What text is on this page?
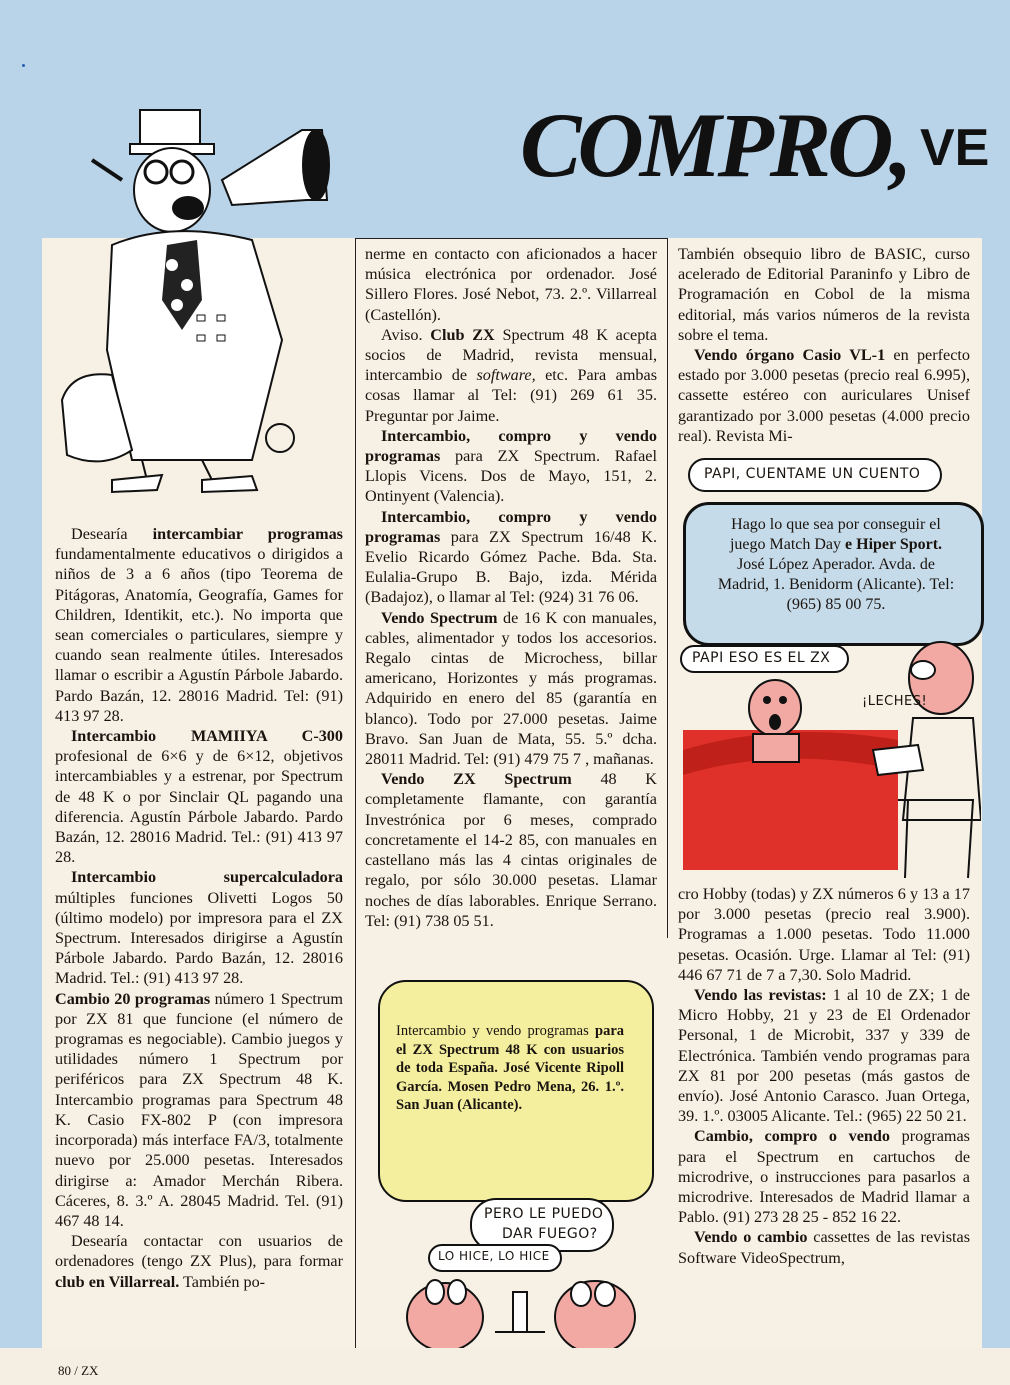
COMPRO, VE

Desearía intercambiar programas fundamentalmente educativos o dirigidos a niños de 3 a 6 años (tipo Teorema de Pitágoras, Anatomía, Geografía, Games for Children, Identikit, etc.). No importa que sean comerciales o particulares, siempre y cuando sean realmente útiles. Interesados llamar o escribir a Agustín Párbole Jabardo. Pardo Bazán, 12. 28016 Madrid. Tel: (91) 413 97 28.

Intercambio MAMIIYA C-300 profesional de 6×6 y de 6×12, objetivos intercambiables y a estrenar, por Spectrum de 48 K o por Sinclair QL pagando una diferencia. Agustín Párbole Jabardo. Pardo Bazán, 12. 28016 Madrid. Tel.: (91) 413 97 28.

Intercambio supercalculadora múltiples funciones Olivetti Logos 50 (último modelo) por impresora para el ZX Spectrum. Interesados dirigirse a Agustín Párbole Jabardo. Pardo Bazán, 12. 28016 Madrid. Tel.: (91) 413 97 28.

Cambio 20 programas número 1 Spectrum por ZX 81 que funcione (el número de programas es negociable). Cambio juegos y utilidades número 1 Spectrum por periféricos para ZX Spectrum 48 K. Intercambio programas para Spectrum 48 K. Casio FX-802 P (con impresora incorporada) más interface FA/3, totalmente nuevo por 25.000 pesetas. Interesados dirigirse a: Amador Merchán Ribera. Cáceres, 8. 3.º A. 28045 Madrid. Tel. (91) 467 48 14.

Desearía contactar con usuarios de ordenadores (tengo ZX Plus), para formar club en Villarreal. También po-

nerme en contacto con aficionados a hacer música electrónica por ordenador. José Sillero Flores. José Nebot, 73. 2.º. Villarreal (Castellón).

Aviso. Club ZX Spectrum 48 K acepta socios de Madrid, revista mensual, intercambio de software, etc. Para ambas cosas llamar al Tel: (91) 269 61 35. Preguntar por Jaime.

Intercambio, compro y vendo programas para ZX Spectrum. Rafael Llopis Vicens. Dos de Mayo, 151, 2. Ontinyent (Valencia).

Intercambio, compro y vendo programas para ZX Spectrum 16/48 K. Evelio Ricardo Gómez Pache. Bda. Sta. Eulalia-Grupo B. Bajo, izda. Mérida (Badajoz), o llamar al Tel: (924) 31 76 06.

Vendo Spectrum de 16 K con manuales, cables, alimentador y todos los accesorios. Regalo cintas de Microchess, billar americano, Horizontes y más programas. Adquirido en enero del 85 (garantía en blanco). Todo por 27.000 pesetas. Jaime Bravo. San Juan de Mata, 55. 5.º dcha. 28011 Madrid. Tel: (91) 479 75 7 , mañanas.

Vendo ZX Spectrum 48 K completamente flamante, con garantía Investrónica por 6 meses, comprado concretamente el 14-2 85, con manuales en castellano más las 4 cintas originales de regalo, por sólo 30.000 pesetas. Llamar noches de días laborables. Enrique Serrano. Tel: (91) 738 05 51.

También obsequio libro de BASIC, curso acelerado de Editorial Paraninfo y Libro de Programación en Cobol de la misma editorial, más varios números de la revista sobre el tema.

Vendo órgano Casio VL-1 en perfecto estado por 3.000 pesetas (precio real 6.995), cassette estéreo con auriculares Unisef garantizado por 3.000 pesetas (4.000 precio real). Revista Mi-

PAPI, CUENTAME UN CUENTO
Hago lo que sea por conseguir el juego Match Day e Hiper Sport. José López Aperador. Avda. de Madrid, 1. Benidorm (Alicante). Tel: (965) 85 00 75.
PAPI ESO ES EL ZX
¡LECHES!

cro Hobby (todas) y ZX números 6 y 13 a 17 por 3.000 pesetas (precio real 3.900). Programas a 1.000 pesetas. Todo 11.000 pesetas. Ocasión. Urge. Llamar al Tel: (91) 446 67 71 de 7 a 7,30. Solo Madrid.

Vendo las revistas: 1 al 10 de ZX; 1 de Micro Hobby, 21 y 23 de El Ordenador Personal, 1 de Microbit, 337 y 339 de Electrónica. También vendo programas para ZX 81 por 200 pesetas (más gastos de envío). José Antonio Carasco. Juan Ortega, 39. 1.º. 03005 Alicante. Tel.: (965) 22 50 21.

Cambio, compro o vendo programas para el Spectrum en cartuchos de microdrive, o instrucciones para pasarlos a microdrive. Interesados de Madrid llamar a Pablo. (91) 273 28 25 - 852 16 22.

Vendo o cambio cassettes de las revistas Software VideoSpectrum,

Intercambio y vendo programas para el ZX Spectrum 48 K con usuarios de toda España. José Vicente Ripoll García. Mosen Pedro Mena, 26. 1.º. San Juan (Alicante).
PERO LE PUEDO
DAR FUEGO?
LO HICE, LO HICE
80 / ZX
